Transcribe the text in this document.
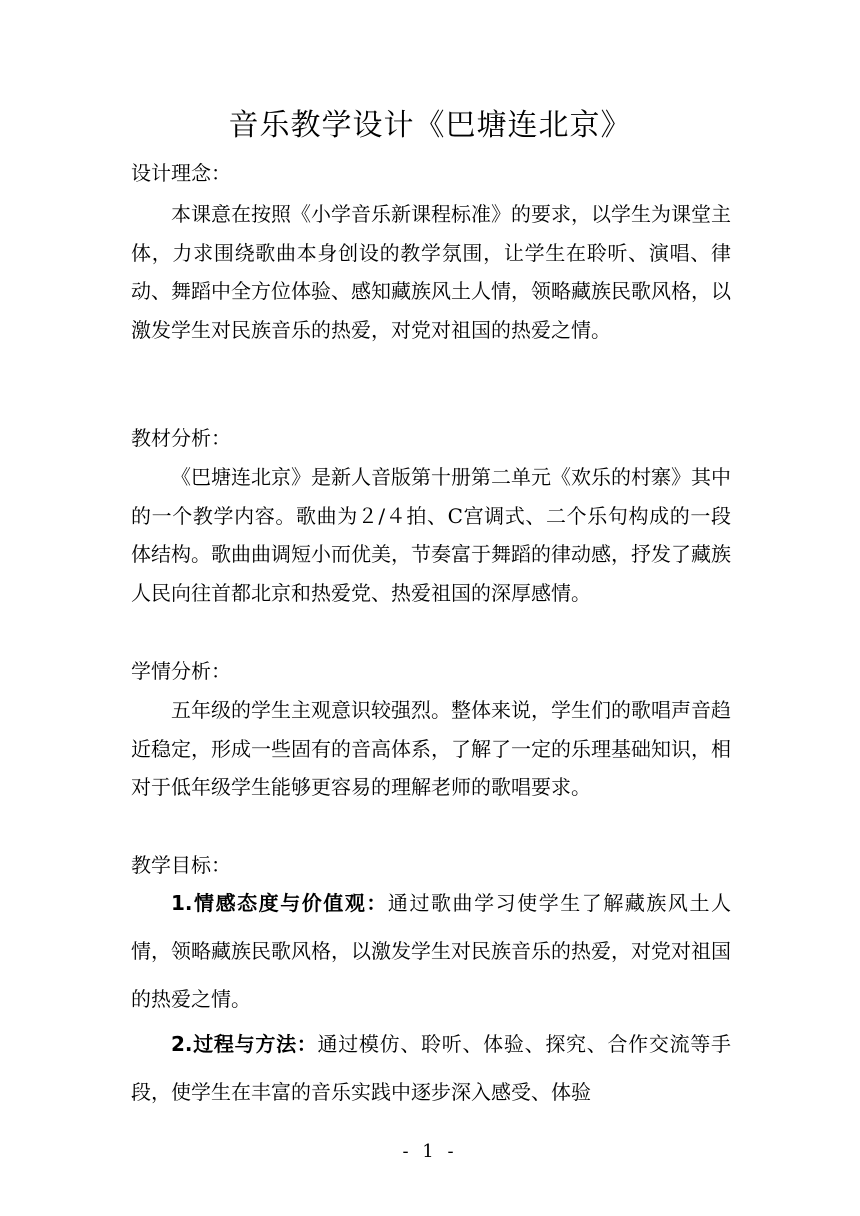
音乐教学设计《巴塘连北京》
设计理念：
本课意在按照《小学音乐新课程标准》的要求，以学生为课堂主体，力求围绕歌曲本身创设的教学氛围，让学生在聆听、演唱、律动、舞蹈中全方位体验、感知藏族风土人情，领略藏族民歌风格，以激发学生对民族音乐的热爱，对党对祖国的热爱之情。
教材分析：
《巴塘连北京》是新人音版第十册第二单元《欢乐的村寨》其中的一个教学内容。歌曲为２/４拍、C宫调式、二个乐句构成的一段体结构。歌曲曲调短小而优美，节奏富于舞蹈的律动感，抒发了藏族人民向往首都北京和热爱党、热爱祖国的深厚感情。
学情分析：
五年级的学生主观意识较强烈。整体来说，学生们的歌唱声音趋近稳定，形成一些固有的音高体系，了解了一定的乐理基础知识，相对于低年级学生能够更容易的理解老师的歌唱要求。
教学目标：
1.情感态度与价值观：通过歌曲学习使学生了解藏族风土人情，领略藏族民歌风格，以激发学生对民族音乐的热爱，对党对祖国的热爱之情。
2.过程与方法：通过模仿、聆听、体验、探究、合作交流等手段，使学生在丰富的音乐实践中逐步深入感受、体验
- 1 -
